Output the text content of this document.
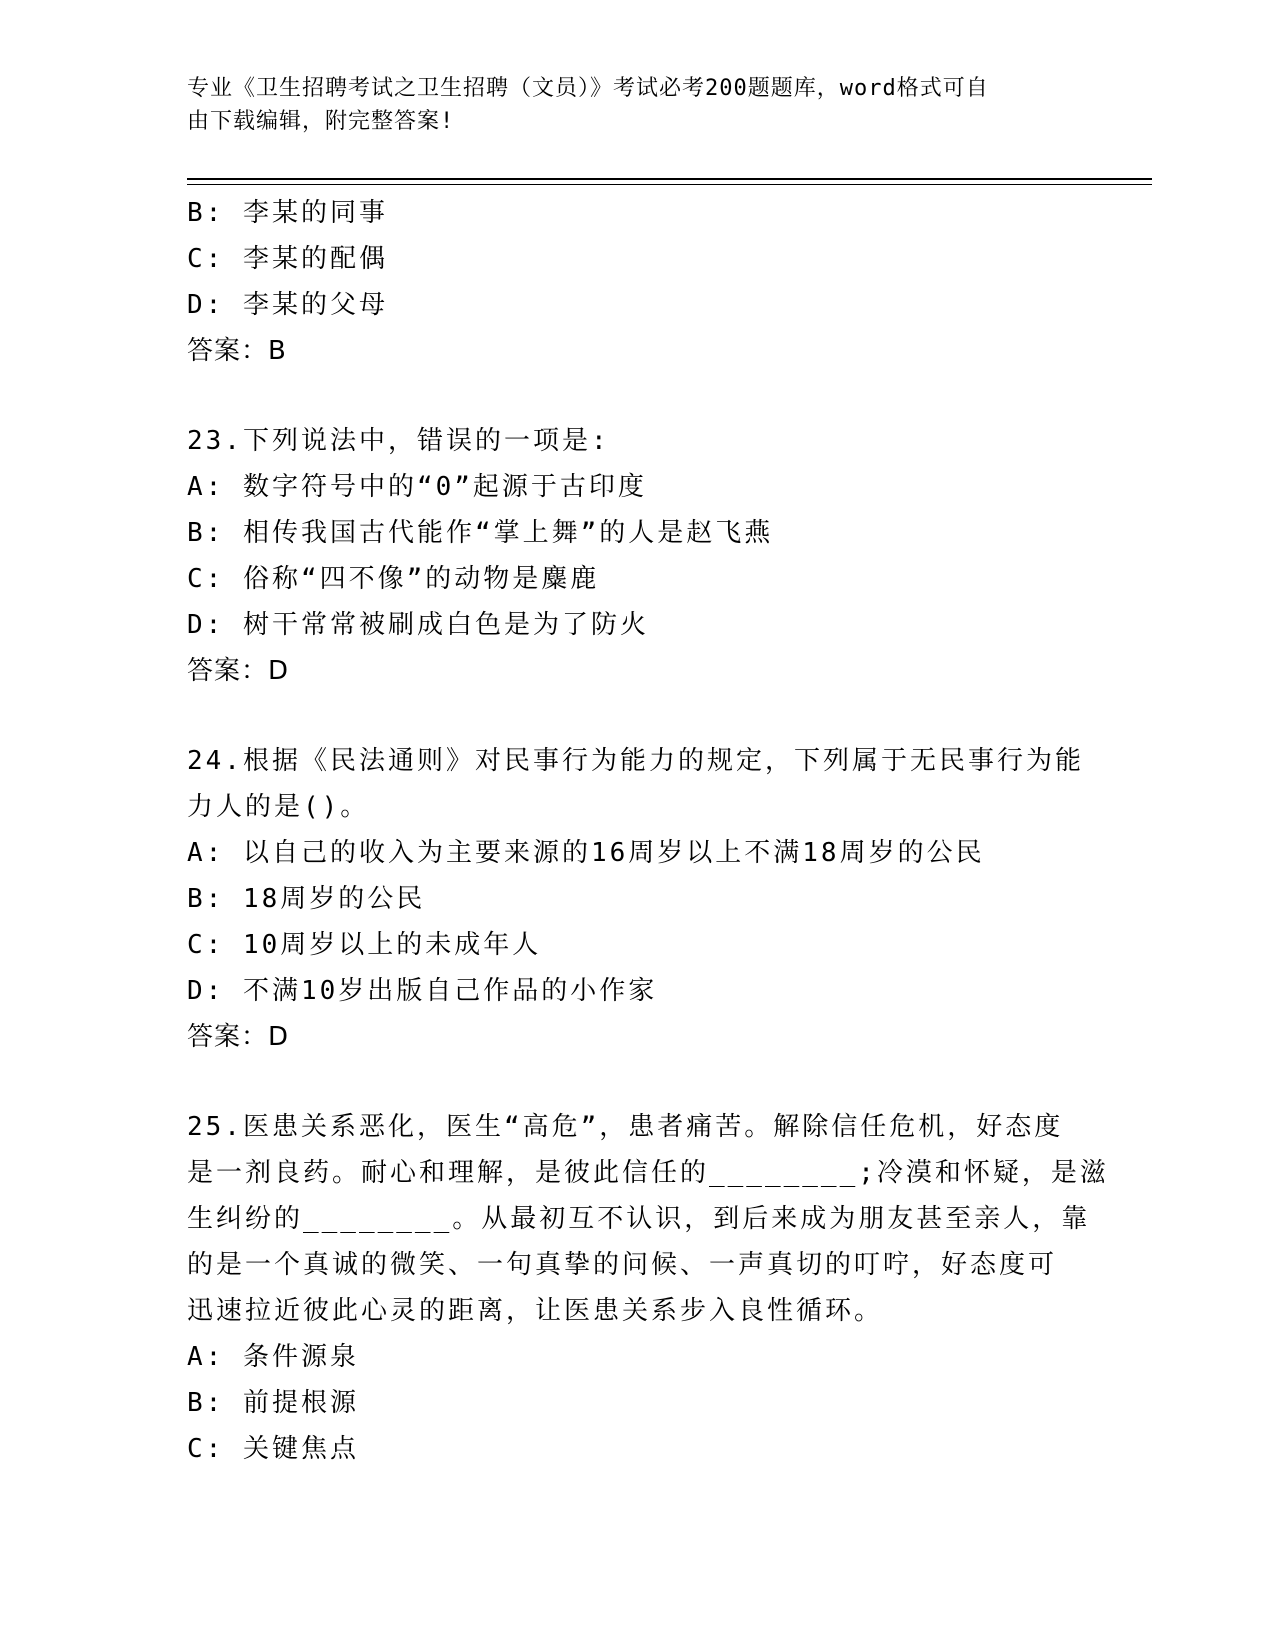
专业《卫生招聘考试之卫生招聘（文员）》考试必考200题题库，word格式可自
由下载编辑，附完整答案!
B: 李某的同事
C: 李某的配偶
D: 李某的父母
答案：B
23.下列说法中，错误的一项是:
A: 数字符号中的“0”起源于古印度
B: 相传我国古代能作“掌上舞”的人是赵飞燕
C: 俗称“四不像”的动物是麋鹿
D: 树干常常被刷成白色是为了防火
答案：D
24.根据《民法通则》对民事行为能力的规定，下列属于无民事行为能
力人的是()。
A: 以自己的收入为主要来源的16周岁以上不满18周岁的公民
B: 18周岁的公民
C: 10周岁以上的未成年人
D: 不满10岁出版自己作品的小作家
答案：D
25.医患关系恶化，医生“高危”，患者痛苦。解除信任危机，好态度
是一剂良药。耐心和理解，是彼此信任的________;冷漠和怀疑，是滋
生纠纷的________。从最初互不认识，到后来成为朋友甚至亲人，靠
的是一个真诚的微笑、一句真挚的问候、一声真切的叮咛，好态度可
迅速拉近彼此心灵的距离，让医患关系步入良性循环。
A: 条件源泉
B: 前提根源
C: 关键焦点
